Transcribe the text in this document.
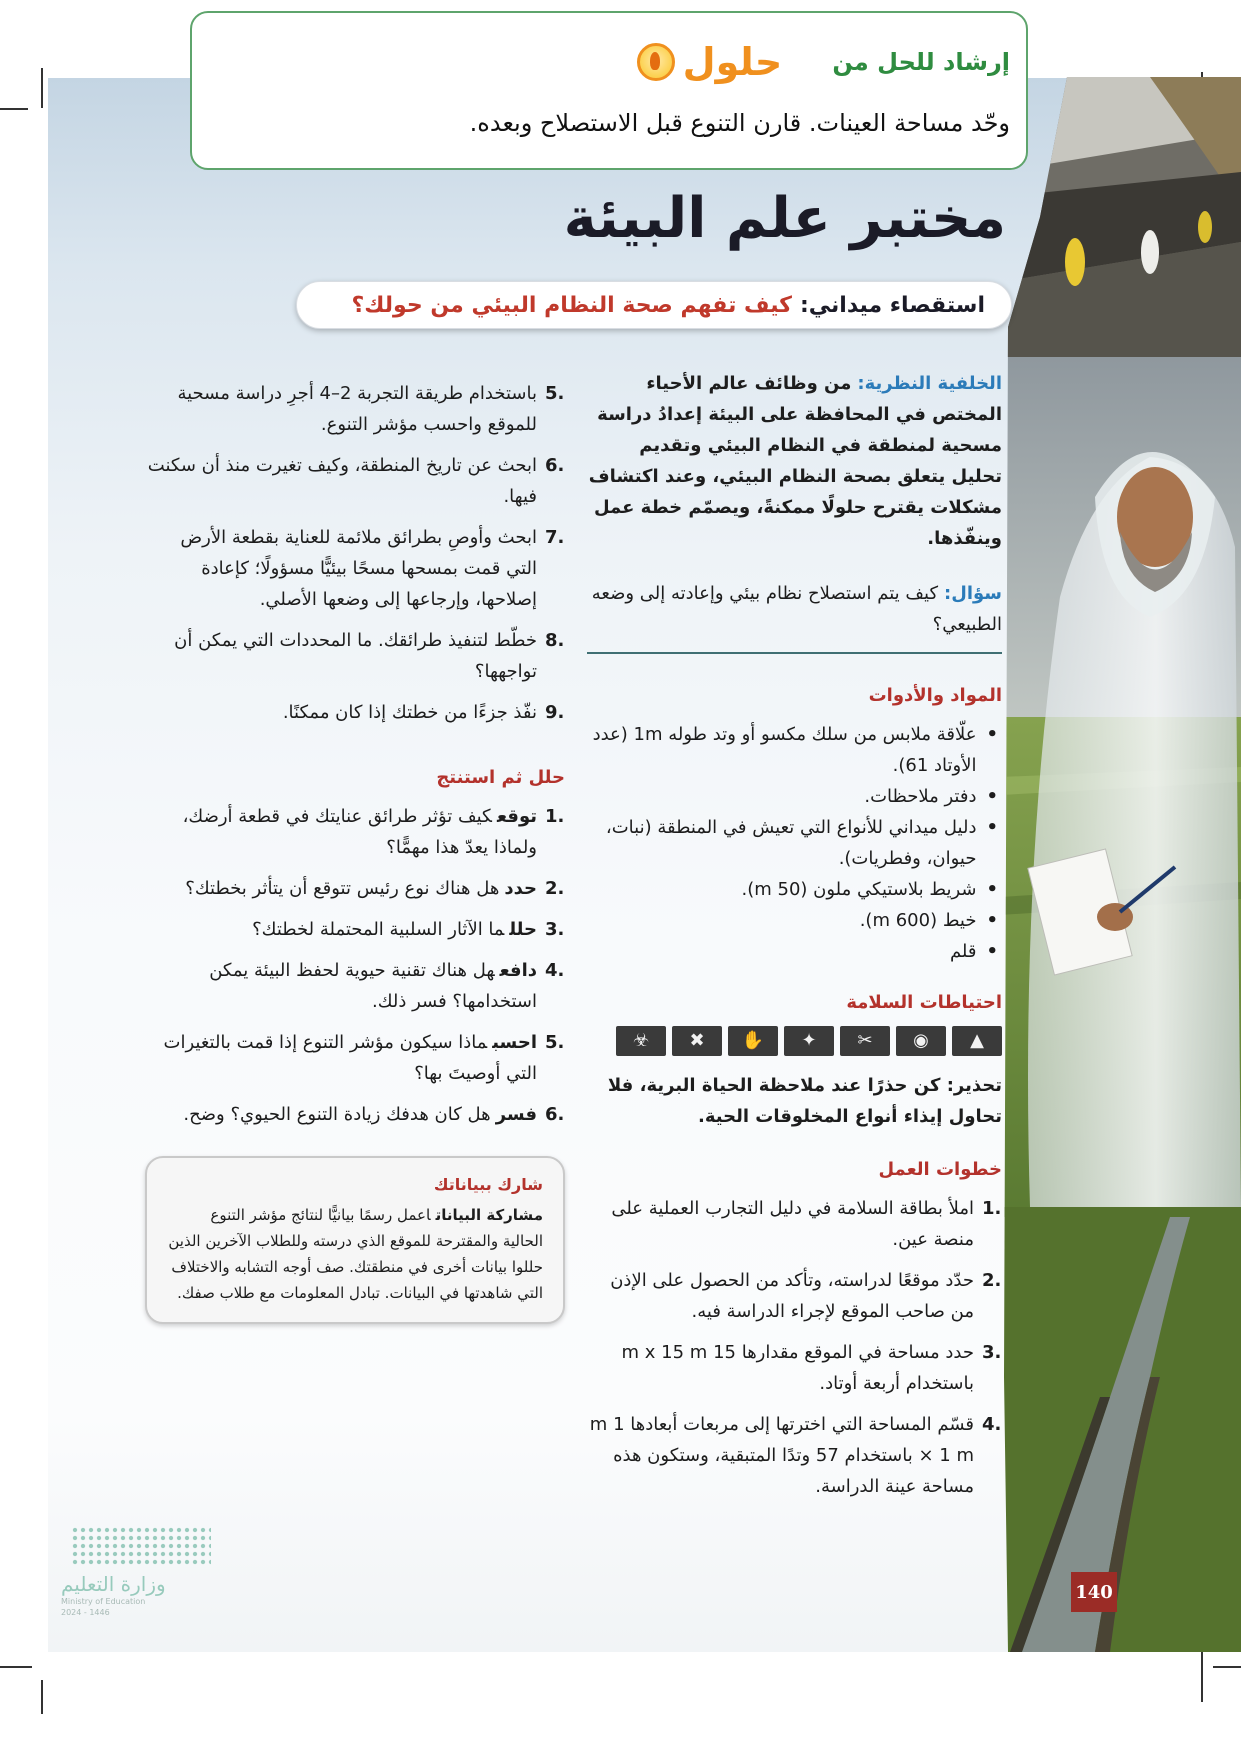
إرشاد للحل من
حلول
وحّد مساحة العينات. قارن التنوع قبل الاستصلاح وبعده.
مختبر علم البيئة
استقصاء ميداني:
كيف تفهم صحة النظام البيئي من حولك؟

الخلفية النظرية:من وظائف عالم الأحياء المختص في المحافظة على البيئة إعدادُ دراسة مسحية لمنطقة في النظام البيئي وتقديم تحليل يتعلق بصحة النظام البيئي، وعند اكتشاف مشكلات يقترح حلولًا ممكنةً، ويصمّم خطة عمل وينفّذها.

سؤال:كيف يتم استصلاح نظام بيئي وإعادته إلى وضعه الطبيعي؟

المواد والأدوات
• علّاقة ملابس من سلك مكسو أو وتد طوله 1m (عدد الأوتاد 61).
• دفتر ملاحظات.
• دليل ميداني للأنواع التي تعيش في المنطقة (نبات، حيوان، وفطريات).
• شريط بلاستيكي ملون (50 m).
• خيط (600 m).
• قلم
احتياطات السلامة
▲
◉
✂
✦
✋
✖
☣

تحذير: كن حذرًا عند ملاحظة الحياة البرية، فلا تحاول إيذاء أنواع المخلوقات الحية.

خطوات العمل
1.
املأ بطاقة السلامة في دليل التجارب العملية على منصة عين.
2.
حدّد موقعًا لدراسته، وتأكد من الحصول على الإذن من صاحب الموقع لإجراء الدراسة فيه.
3.
حدد مساحة في الموقع مقدارها 15 m x 15 m باستخدام أربعة أوتاد.
4.
قسّم المساحة التي اخترتها إلى مربعات أبعادها 1 m × 1 m باستخدام 57 وتدًا المتبقية، وستكون هذه مساحة عينة الدراسة.
5.
باستخدام طريقة التجربة 2–4 أجرِ دراسة مسحية للموقع واحسب مؤشر التنوع.
6.
ابحث عن تاريخ المنطقة، وكيف تغيرت منذ أن سكنت فيها.
7.
ابحث وأوصِ بطرائق ملائمة للعناية بقطعة الأرض التي قمت بمسحها مسحًا بيئيًّا مسؤولًا؛ كإعادة إصلاحها، وإرجاعها إلى وضعها الأصلي.
8.
خطّط لتنفيذ طرائقك. ما المحددات التي يمكن أن تواجهها؟
9.
نفّذ جزءًا من خطتك إذا كان ممكنًا.
حلل ثم استنتج
1.
توقعكيف تؤثر طرائق عنايتك في قطعة أرضك، ولماذا يعدّ هذا مهمًّا؟
2.
حددهل هناك نوع رئيس تتوقع أن يتأثر بخطتك؟
3.
حللما الآثار السلبية المحتملة لخطتك؟
4.
دافعهل هناك تقنية حيوية لحفظ البيئة يمكن استخدامها؟ فسر ذلك.
5.
احسبماذا سيكون مؤشر التنوع إذا قمت بالتغيرات التي أوصيتَ بها؟
6.
فسرهل كان هدفك زيادة التنوع الحيوي؟ وضح.
شارك ببياناتك

مشاركة البياناتاعمل رسمًا بيانيًّا لنتائج مؤشر التنوع الحالية والمقترحة للموقع الذي درسته وللطلاب الآخرين الذين حللوا بيانات أخرى في منطقتك. صف أوجه التشابه والاختلاف التي شاهدتها في البيانات. تبادل المعلومات مع طلاب صفك.

140
وزارة التعليم
Ministry of Education
2024 - 1446
